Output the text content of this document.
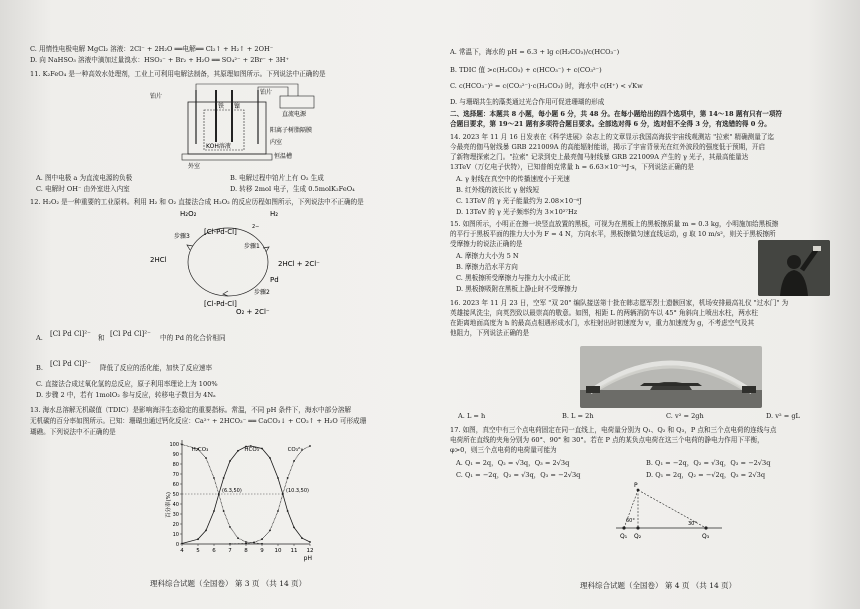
C. 用惰性电极电解 MgCl₂ 溶液：2Cl⁻ + 2H₂O ══电解══ Cl₂↑ + H₂↑ + 2OH⁻
D. 向 NaHSO₃ 溶液中滴加过量溴水：HSO₃⁻ + Br₂ + H₂O ══ SO₄²⁻ + 2Br⁻ + 3H⁺
11. K₂FeO₄ 是一种高效水处理剂，工业上可利用电解法制备，其原理如图所示。下列说法中正确的是
铂片
铁 镍
铂片
直流电源
KOH溶液
阳离子树脂隔膜
外室
内室
恒温槽
A. 图中电极 a 为直流电源的负极	B. 电解过程中铂片上有 O₂ 生成
C. 电解时 OH⁻ 由外室进入内室	D. 转移 2mol 电子，生成 0.5molK₂FeO₄
12. H₂O₂ 是一种重要的工业原料。利用 H₂ 和 O₂ 直接法合成 H₂O₂ 的反应历程如图所示，下列说法中不正确的是
[Cl-Pd-Cl]
[Cl-Pd-Cl]
H₂O₂	H₂
2HCl	2HCl + 2Cl⁻
Pd
O₂ + 2Cl⁻
步骤1
步骤2
步骤3
2−
A. [Cl Pd Cl]²⁻ 和 [Cl Pd Cl]²⁻ 中的 Pd 的化合价相同
B. [Cl Pd Cl]²⁻ 降低了反应的活化能，加快了反应速率
C. 直接法合成过氧化氢的总反应，原子利用率理论上为 100%
D. 步骤 2 中，若有 1molO₂ 参与反应，转移电子数目为 4Nₐ
13. 海水总溶解无机碳值（TDIC）是影响海洋生态稳定的重要指标。常温，不同 pH 条件下，海水中部分溶解
无机碳的百分率如图所示。已知：珊瑚虫通过钙化反应：Ca²⁺ + 2HCO₃⁻ ══ CaCO₃↓ + CO₂↑ + H₂O 可形成珊
瑚礁。下列说法中不正确的是
4 5 6 7 8 9 10 11 12
0
10
20
30
40
50
60
70
80
90
100
H₂CO₃	HCO₃⁻	CO₃²⁻
(6.3,50)	(10.3,50)
pH
百分率(%)
理科综合试题（全国卷） 第 3 页 （共 14 页）
A. 常温下，海水的 pH = 6.3 + lg c(H₂CO₃)/c(HCO₃⁻)
B. TDIC 值 >c(H₂CO₃) + c(HCO₃⁻) + c(CO₃²⁻)
C. c(HCO₃⁻)² = c(CO₃²⁻)·c(H₂CO₃) 时，海水中 c(H⁺) < √Kw
D. 与珊瑚共生的藻类通过光合作用可促进珊瑚的形成
二、选择题：本题共 8 小题，每小题 6 分，共 48 分。在每小题给出的四个选项中，第 14～18 题有只有一项符
合题目要求，第 19～21 题有多项符合题目要求。全部选对得 6 分，选对但不全得 3 分，有选错的得 0 分。
14. 2023 年 11 月 16 日发表在《科学进展》杂志上的文章显示我国高海拔宇宙线观测站 "拉索" 精确测量了迄
今最亮的伽马射线暴 GRB 221009A 的高能辐射能谱，揭示了宇宙背景光在红外波段的强度低于预期，开启
了新物理探索之门。"拉索" 记录到史上最亮伽马射线暴 GRB 221009A 产生的 γ 光子，其最高能量达
13TeV（万亿电子伏特），已知普朗克常量 h = 6.63×10⁻³⁴J·s，下列说法正确的是
A. γ 射线在真空中的传播速度小于光速
B. 红外线的波长比 γ 射线短
C. 13TeV 的 γ 光子能量约为 2.08×10⁻⁶J
D. 13TeV 的 γ 光子频率约为 3×10²⁷Hz
15. 如图所示，小明正在擦一块竖直放置的黑板，可视为在黑板上的黑板擦质量 m = 0.3 kg，小明施加给黑板擦
的平行于黑板平面的推力大小为 F = 4 N，方向水平，黑板擦做匀速直线运动，g 取 10 m/s²，则关于黑板擦所
受摩擦力的说法正确的是
A. 摩擦力大小为 5 N
B. 摩擦力沿水平方向
C. 黑板擦所受摩擦力与推力大小成正比
D. 黑板擦吸附在黑板上静止时不受摩擦力
16. 2023 年 11 月 23 日，空军 "双 20" 编队接送第十批在韩志愿军烈士遗骸回家，机场安排最高礼仪 "过水门" 为
英雄接风洗尘，向英烈致以最崇高的敬意。如图，相距 L 的两辆消防车以 45° 角斜向上喷出水柱，两水柱
在距离地面高度为 h 的最高点相遇形成水门，水柱射出时初速度为 v，重力加速度为 g，不考虑空气及其
他阻力，下列说法正确的是
A. L = h	B. L = 2h	C. v² = 2gh	D. v² = gL
17. 如图，真空中有三个点电荷固定在同一直线上，电荷量分别为 Q₁、Q₂ 和 Q₃，P 点和三个点电荷的连线与点
电荷所在直线的夹角分别为 60°、90° 和 30°。若在 P 点的某负点电荷在这三个电荷的静电力作用下平衡，
φ>0，则三个点电荷的电荷量可能为
A. Q₁ = 2q，Q₂ = √3q，Q₃ = 2√3q	B. Q₁ = −2q，Q₂ = √3q，Q₃ = −2√3q
C. Q₁ = −2q，Q₂ = √3q，Q₃ = −2√3q	D. Q₁ = 2q，Q₂ = −√2q，Q₃ = 2√3q
P
60°	30°
Q₁ Q₂	Q₃
理科综合试题（全国卷） 第 4 页 （共 14 页）
